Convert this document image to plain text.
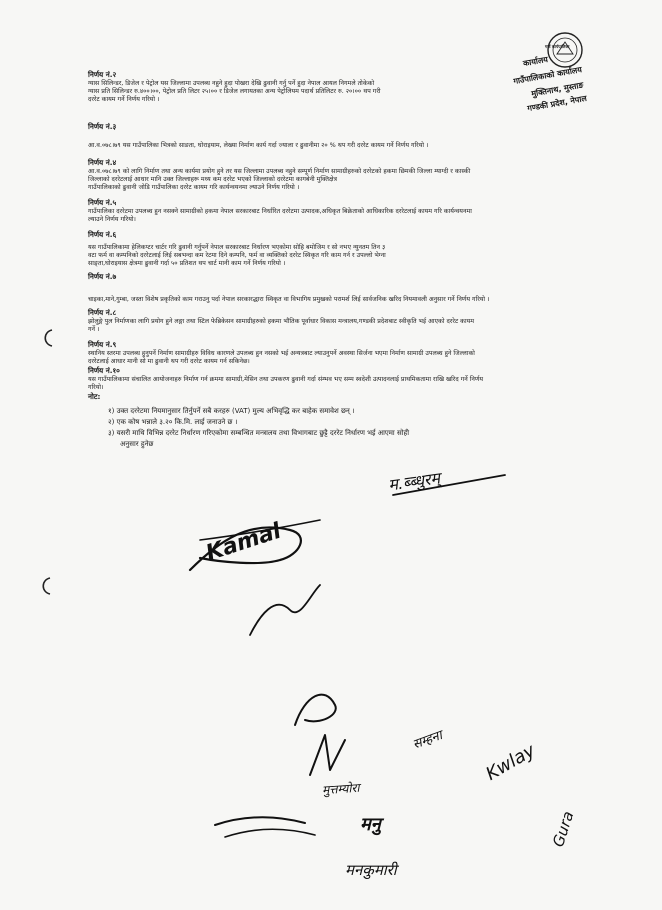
गाउँ कार्यपालिका
कार्यालय
गाउँपालिकाको कार्यालय
मुक्तिनाथ, मुस्ताङ
गण्डकी प्रदेश, नेपाल
निर्णय नं.२
ग्यास सिलिन्डर, डिजेल र पेट्रोल यस जिल्लामा उपलब्ध नहुने हुदा पोखरा देखि ढुवानी गर्नु पर्ने हुदा नेपाल आयल निगमले तोकेको
ग्यास प्रति सिलिन्डर रु.४००।००, पेट्रोल प्रति लिटर २५।०० र डिजेल लगायतका अन्य पेट्रोलियम पदार्थ प्रतिलिटर रु. २०।०० थप गरी
दररेट कायम गर्ने निर्णय गरियो ।
निर्णय नं.३
आ.व.०७८।७९ यस गाउँपालिका भित्रको साङता, घोराइयाम, लेख्या निर्माण कार्य गर्दा ज्याला र ढुवानीमा २० % थप गरी दररेट कायम गर्ने निर्णय गरियो ।
निर्णय नं.४
आ.व.०७८।७९ को लागि निर्माण तथा अन्य कार्यमा प्रयोग हुने तर यस जिल्लामा उपलब्ध नहुने सम्पूर्ण निर्माण सामाग्रीहरुको दररेटको हकमा छिमकी जिल्ला म्याग्दी र कास्की
जिल्लाको दररेटलाई आधार मानि उक्त जिल्लाहरू मध्य कम दररेट भएको जिल्लाको दररेटमा कागबेनी मुक्तिक्षेत्र
गाउँपालिकाको ढुवानी जोडि गाउँपालिका दररेट कायम गरि कार्यन्वयनमा ल्याउने निर्णय गरियो ।
निर्णय नं.५
गाउँपालिका दररेटमा उपलब्ध हुन नसक्ने सामाग्रीको हकमा नेपाल सरकारबाट निर्धारित दररेटमा उत्पादक,अधिकृत बिक्रेताको आधिकारिक दररेटलाई कायम गरि कार्यन्वयनमा
ल्याउने निर्णय गरियो।
निर्णय नं.६
यस गाउँपालिकामा हेलिकप्टर चार्टर गरि ढुवानी गर्नुपर्ने नेपाल सरकारबाट निर्धारण भएकोमा सोहि बमोजिम र सो नभए न्युनतम तिन ३
वटा फर्म वा कम्पनिको दररेटलाई लिई सबभन्दा कम रेटमा दिने कम्पनि, फर्म वा व्यक्तिको दररेट स्विकृत गरि काम गर्न र उपल्लो भेग्ना
साङ्ता,घोराइयास क्षेत्रमा ढुवानी गर्दा ५० प्रतिशत थप चार्ट मानी काम गर्ने निर्णय गरियो ।
निर्णय नं.७
चाइका,माने,गुम्बा, जस्ता विशेष प्रकृतिको काम गराउनु पर्दा नेपाल सरकारद्धारा स्विकृत वा विभागिय प्रमुखको परामर्श लिई सार्वजनिक खरिद नियमावली अनुसार गर्ने निर्णय गरियो ।
निर्णय नं.८
झोलुङ्गे पुल निर्माणका लागि प्रयोग हुने लङ्गा तथा स्टिल फेब्रिकेसन सामाग्रीहरुको हकमा भौतिक पूर्वाधार विकास मन्त्रालय,गण्डकी प्रदेशबाट स्वीकृति भई आएको दररेट कायम
गर्ने ।
निर्णय नं.९
स्थानिय स्तरमा उपलब्ध हुनुपर्ने निर्माण सामाग्रीहरु विविध कारणले उपलब्ध हुन नसको भई अन्यत्रबाट ल्याउनुपर्ने अवस्था सिर्जना भएमा निर्माण सामाग्री उपलब्ध हुने जिल्लाको
दररेटलाई आधार मानी सो मा ढुवानी थप गरी दररेट कायम गर्न सकिनेछ।
निर्णय नं.१०
यस गाउँपालिकामा संचालित आयोजनाहरु निर्माण गर्न क्रममा सामाग्री,मेसिन तथा उपकरण ढुवानी गर्दा संम्भव भए सम्म स्वदेशी उत्पादनलाई प्राथमिकतामा राखि खरिद गर्ने निर्णय
गरियो।
नोट:
१) उक्त दररेटमा नियमानुसार तिर्नुपर्ने सबै करहरु (VAT) मुल्य अभिवृद्धि कर बाहेक समावेश छन् ।
२) एक कोष भन्नाले ३.२० कि.मि. लाई जनाउने छ ।
३) यसरी माथि विभिन्न दररेट निर्धारण गरिएकोमा सम्बन्धित मन्त्रालय तथा विभागबाट छुट्टै दररेट निर्धारण भई आएमा सोही
अनुसार हुनेछ
म.ब्ब्धुरम्
Kamal
सम्हना Kwlay
मुत्तम्योरा
मनु
मनकुमारी
Gura
